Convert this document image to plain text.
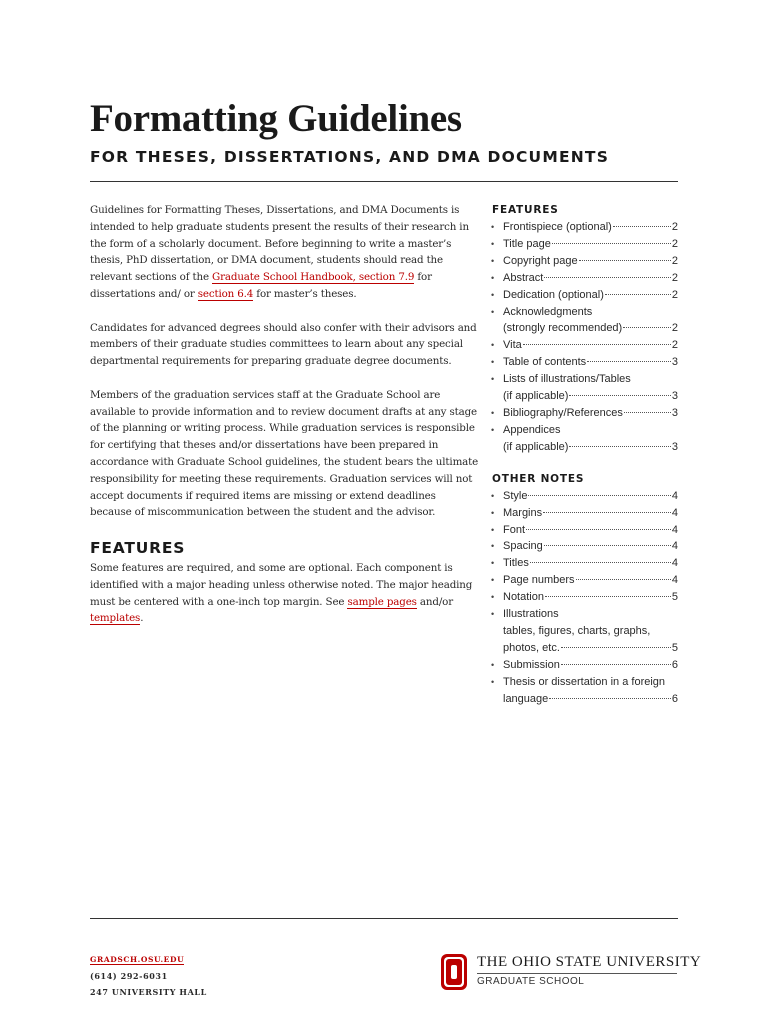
Formatting Guidelines
FOR THESES, DISSERTATIONS, AND DMA DOCUMENTS

Guidelines for Formatting Theses, Dissertations, and DMA Documents is intended to help graduate students present the results of their research in the form of a scholarly document. Before beginning to write a master’s thesis, PhD dissertation, or DMA document, students should read the relevant sections of the Graduate School Handbook, section 7.9 for dissertations and/ or section 6.4 for master’s theses.

Candidates for advanced degrees should also confer with their advisors and members of their graduate studies committees to learn about any special departmental requirements for preparing graduate degree documents.

Members of the graduation services staff at the Graduate School are available to provide information and to review document drafts at any stage of the planning or writing process. While graduation services is responsible for certifying that theses and/or dissertations have been prepared in accordance with Graduate School guidelines, the student bears the ultimate responsibility for meeting these requirements. Graduation services will not accept documents if required items are missing or extend deadlines because of miscommunication between the student and the advisor.

FEATURES

Some features are required, and some are optional. Each component is identified with a major heading unless otherwise noted. The major heading must be centered with a one-inch top margin. See sample pages and/or templates.

FEATURES
• Frontispiece (optional)	2
• Title page	2
• Copyright page	2
• Abstract	2
• Dedication (optional)	2
• Acknowledgments
(strongly recommended)	2
• Vita	2
• Table of contents	3
• Lists of illustrations/Tables
(if applicable)	3
• Bibliography/References	3
• Appendices
(if applicable)	3
OTHER NOTES
• Style	4
• Margins	4
• Font	4
• Spacing	4
• Titles	4
• Page numbers	4
• Notation	5
• Illustrations
tables, figures, charts, graphs,
photos, etc.	5
• Submission	6
• Thesis or dissertation in a foreign
language	6
GRADSCH.OSU.EDU
(614) 292-6031
247 UNIVERSITY HALL
THE OHIO STATE UNIVERSITY
GRADUATE SCHOOL
